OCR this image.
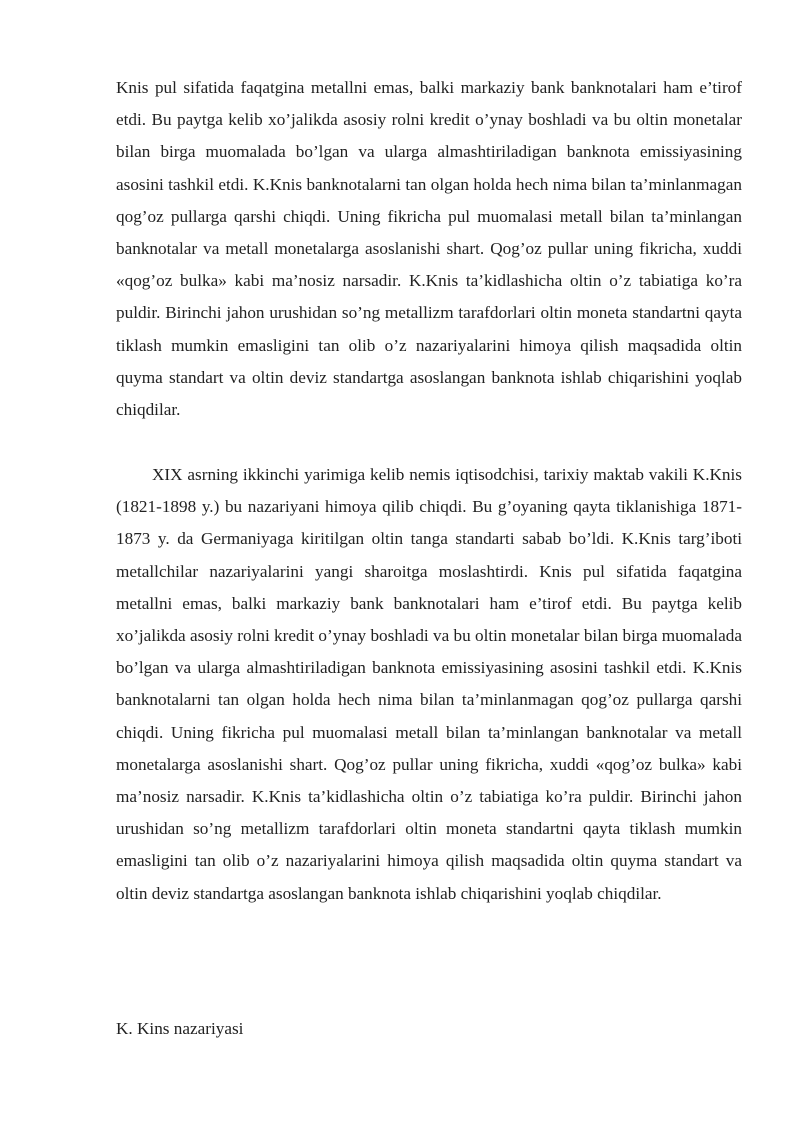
Knis pul sifatida faqatgina metallni emas, balki markaziy bank banknotalari ham e’tirof etdi. Bu paytga kelib xo’jalikda asosiy rolni kredit o’ynay boshladi va bu oltin monetalar bilan birga muomalada bo’lgan va ularga almashtiriladigan banknota emissiyasining asosini tashkil etdi. K.Knis banknotalarni tan olgan holda hech nima bilan ta’minlanmagan qog’oz pullarga qarshi chiqdi. Uning fikricha pul muomalasi metall bilan ta’minlangan banknotalar va metall monetalarga asoslanishi shart. Qog’oz pullar uning fikricha, xuddi «qog’oz bulka» kabi ma’nosiz narsadir. K.Knis ta’kidlashicha oltin o’z tabiatiga ko’ra puldir. Birinchi jahon urushidan so’ng metallizm tarafdorlari oltin moneta standartni qayta tiklash mumkin emasligini tan olib o’z nazariyalarini himoya qilish maqsadida oltin quyma standart va oltin deviz standartga asoslangan banknota ishlab chiqarishini yoqlab chiqdilar.

XIX asrning ikkinchi yarimiga kelib nemis iqtisodchisi, tarixiy maktab vakili K.Knis (1821-1898 y.) bu nazariyani himoya qilib chiqdi. Bu g’oyaning qayta tiklanishiga 1871-1873 y. da Germaniyaga kiritilgan oltin tanga standarti sabab bo’ldi. K.Knis targ’iboti metallchilar nazariyalarini yangi sharoitga moslashtirdi. Knis pul sifatida faqatgina metallni emas, balki markaziy bank banknotalari ham e’tirof etdi. Bu paytga kelib xo’jalikda asosiy rolni kredit o’ynay boshladi va bu oltin monetalar bilan birga muomalada bo’lgan va ularga almashtiriladigan banknota emissiyasining asosini tashkil etdi. K.Knis banknotalarni tan olgan holda hech nima bilan ta’minlanmagan qog’oz pullarga qarshi chiqdi. Uning fikricha pul muomalasi metall bilan ta’minlangan banknotalar va metall monetalarga asoslanishi shart. Qog’oz pullar uning fikricha, xuddi «qog’oz bulka» kabi ma’nosiz narsadir. K.Knis ta’kidlashicha oltin o’z tabiatiga ko’ra puldir. Birinchi jahon urushidan so’ng metallizm tarafdorlari oltin moneta standartni qayta tiklash mumkin emasligini tan olib o’z nazariyalarini himoya qilish maqsadida oltin quyma standart va oltin deviz standartga asoslangan banknota ishlab chiqarishini yoqlab chiqdilar.

K. Kins nazariyasi
